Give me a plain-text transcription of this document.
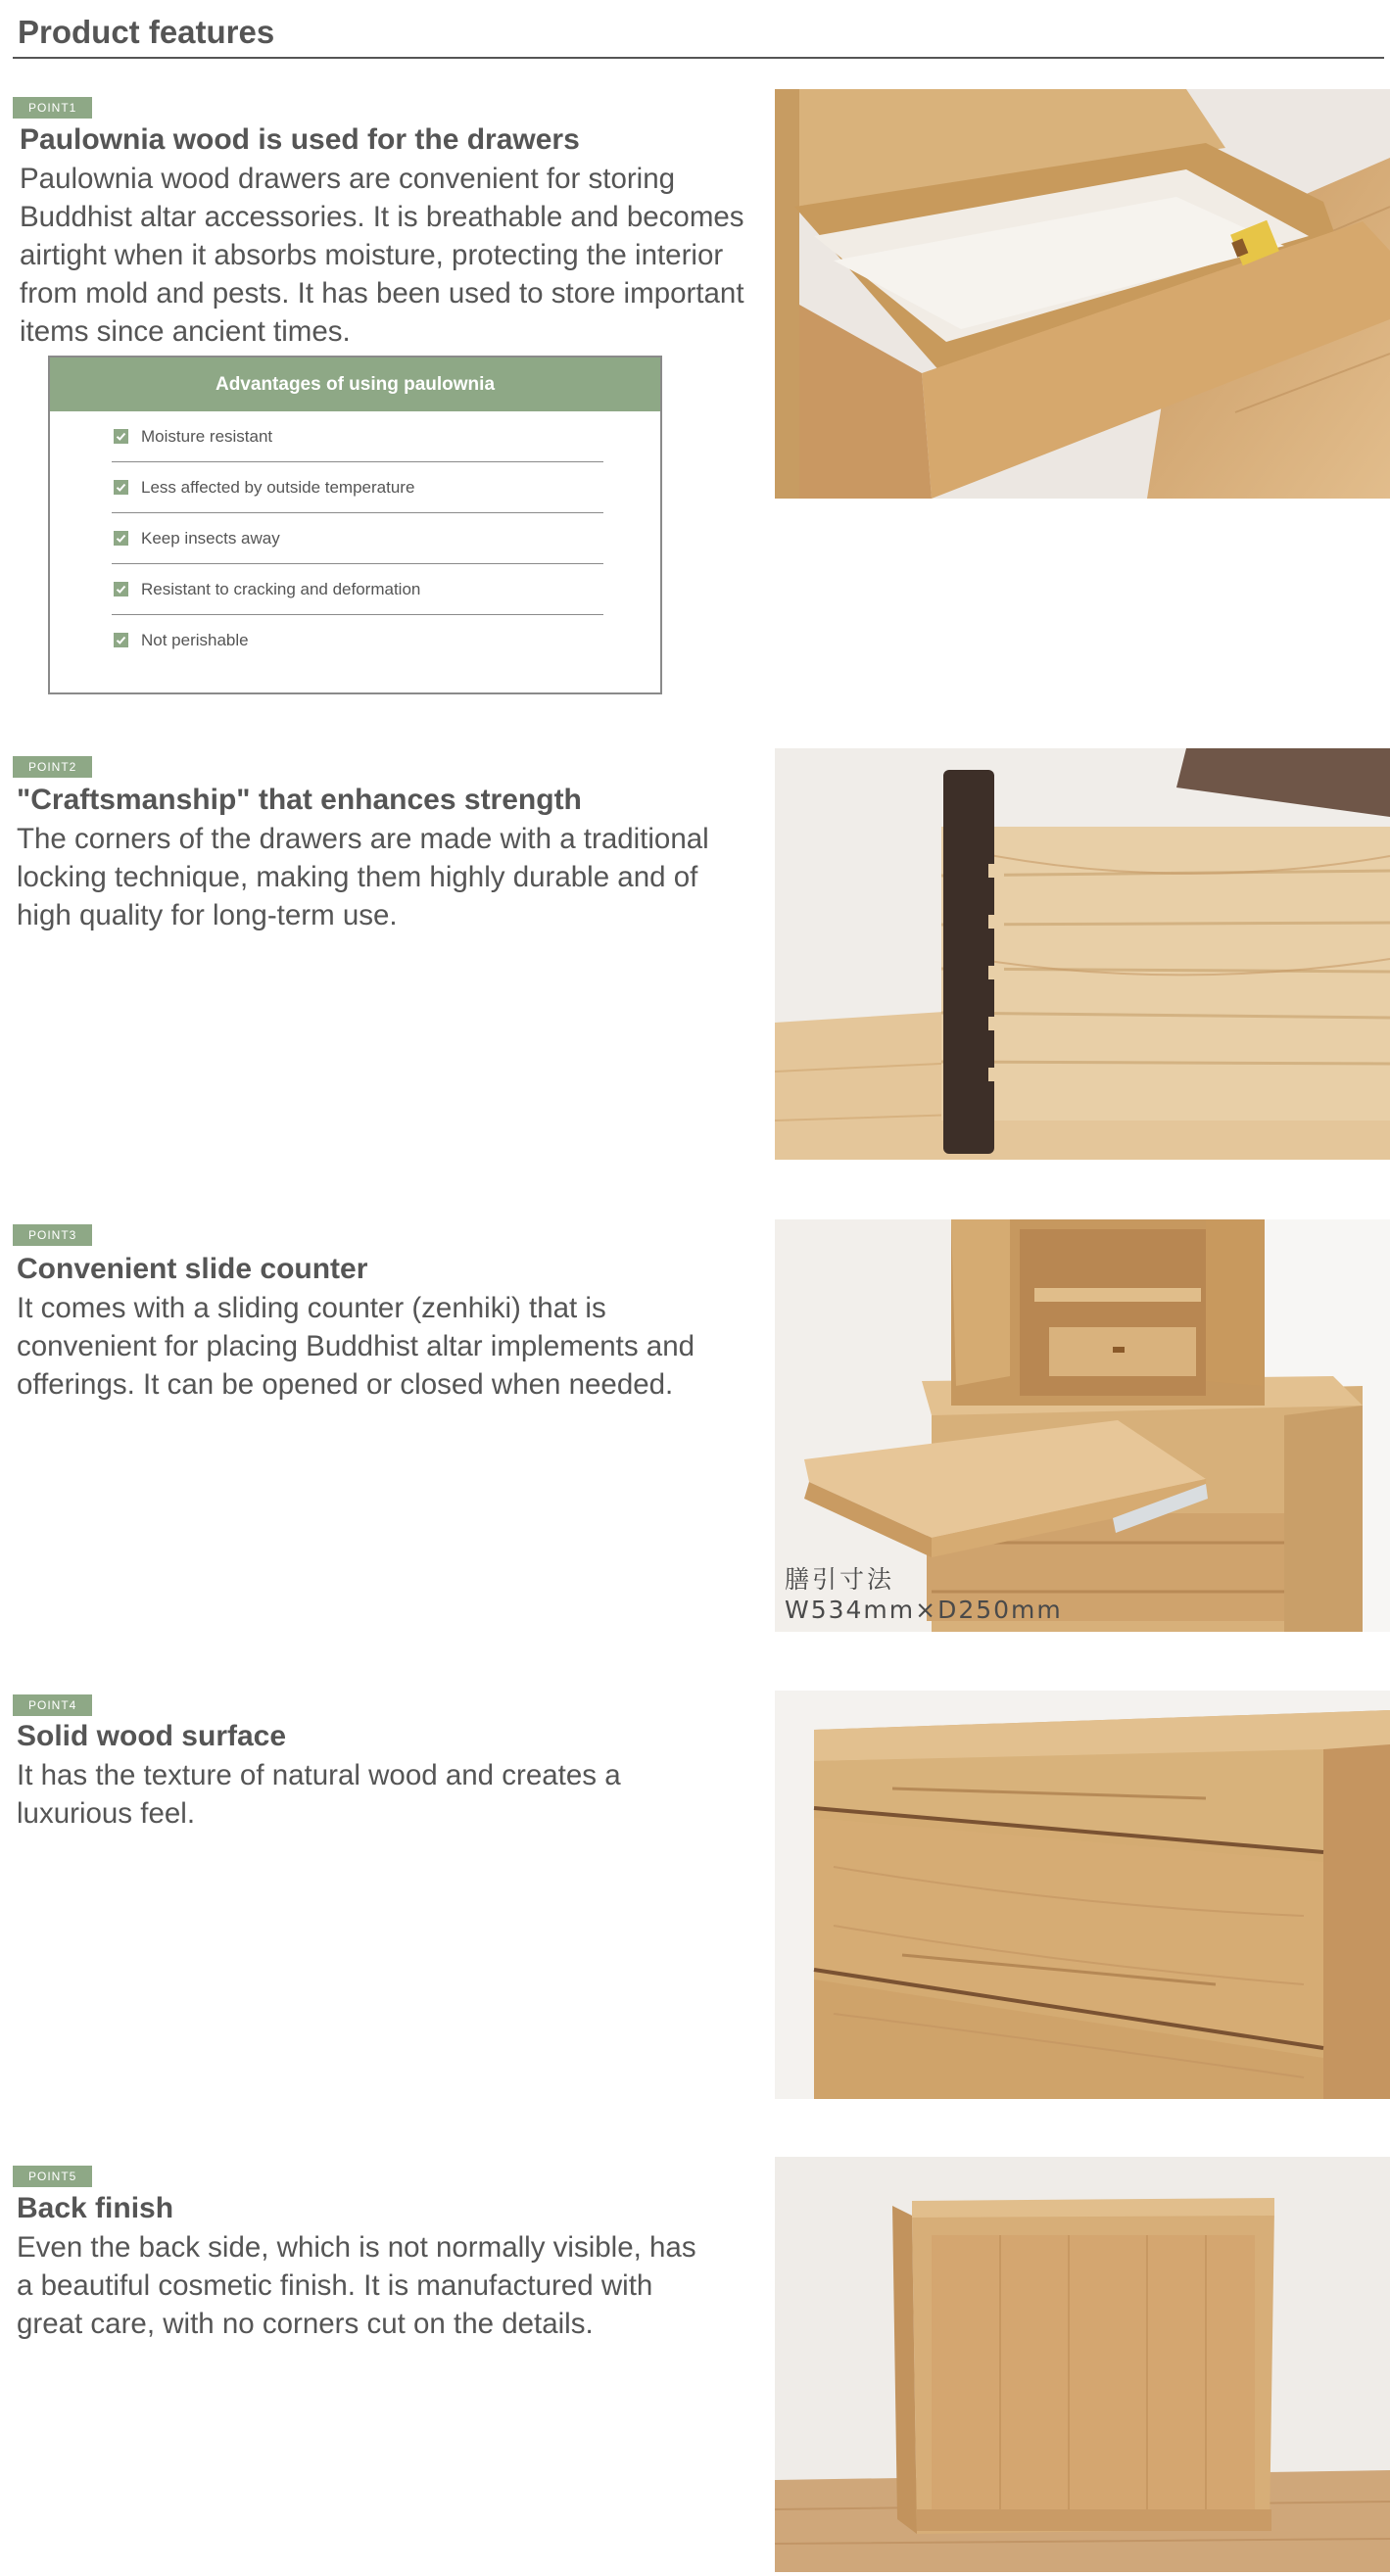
Product features
POINT1
Paulownia wood is used for the drawers
Paulownia wood drawers are convenient for storing
Buddhist altar accessories. It is breathable and becomes
airtight when it absorbs moisture, protecting the interior
from mold and pests. It has been used to store important
items since ancient times.
Advantages of using paulownia
Moisture resistant
Less affected by outside temperature
Keep insects away
Resistant to cracking and deformation
Not perishable
POINT2
"Craftsmanship" that enhances strength
The corners of the drawers are made with a traditional
locking technique, making them highly durable and of
high quality for long-term use.
POINT3
Convenient slide counter
It comes with a sliding counter (zenhiki) that is
convenient for placing Buddhist altar implements and
offerings. It can be opened or closed when needed.
膳引寸法
W534mm×D250mm
POINT4
Solid wood surface
It has the texture of natural wood and creates a
luxurious feel.
POINT5
Back finish
Even the back side, which is not normally visible, has
a beautiful cosmetic finish. It is manufactured with
great care, with no corners cut on the details.
